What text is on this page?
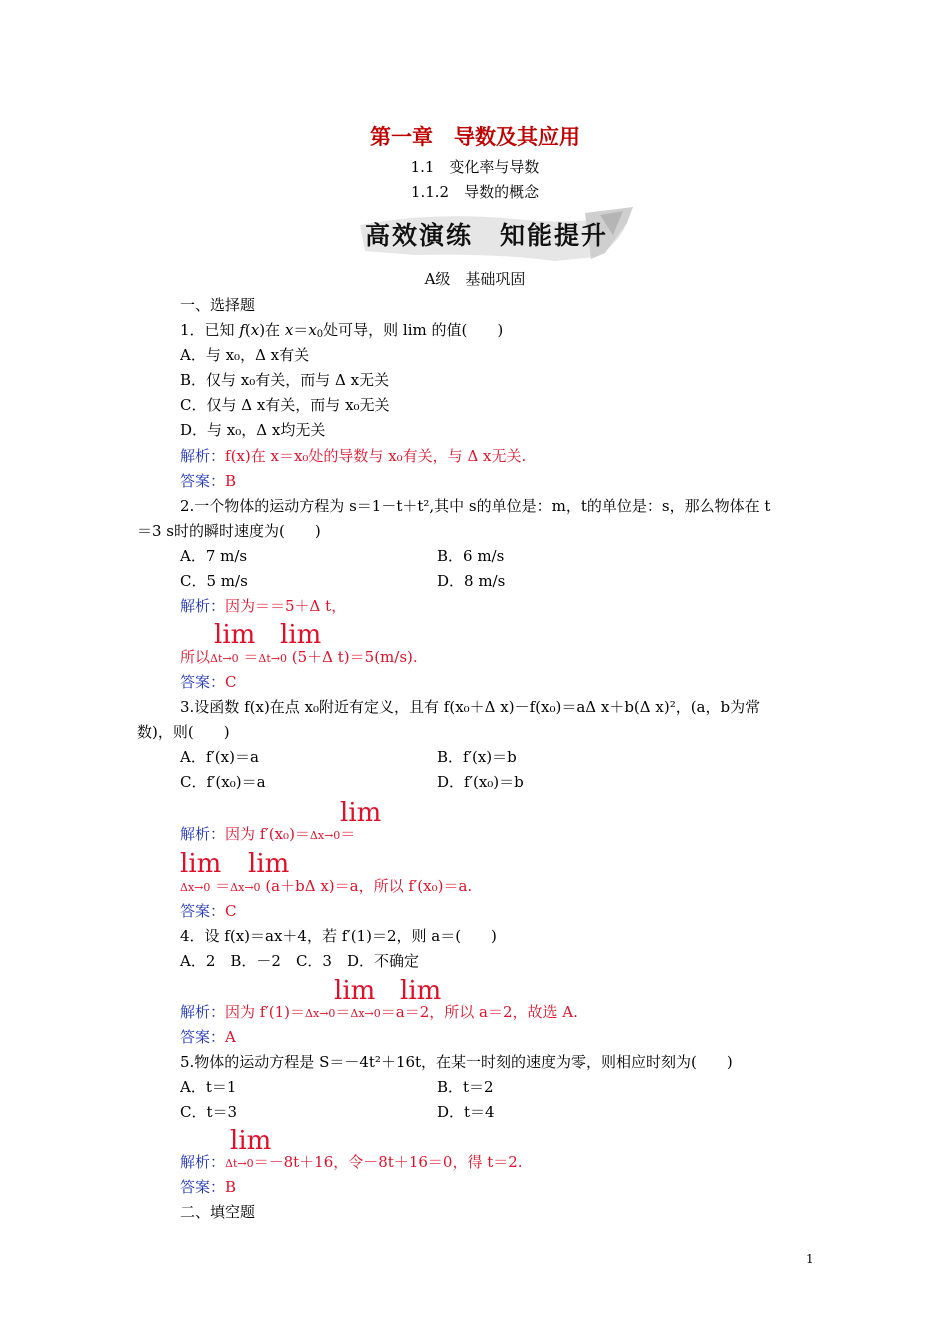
第一章　导数及其应用
1.1　变化率与导数
1.1.2　导数的概念
高效演练　知能提升
A级　基础巩固
一、选择题
1．已知 f(x)在 $x=x_0$处可导，则 lim 的值(　　)
A．与 x₀，Δ x有关
B．仅与 x₀有关，而与 Δ x无关
C．仅与 Δ x有关，而与 x₀无关
D．与 x₀，Δ x均无关
解析：f(x)在 x＝x₀处的导数与 x₀有关，与 Δ x无关.
答案：B
2.一个物体的运动方程为 s＝1－t＋t²,其中 s的单位是：m，t的单位是：s，那么物体在 t
＝3 s时的瞬时速度为(　　)
A．7 m/s	B．6 m/s
C．5 m/s	D．8 m/s
解析：因为＝＝5＋Δ t，
lim lim
所以Δt→0 ＝Δt→0 (5＋Δ t)＝5(m/s).
答案：C
3.设函数 f(x)在点 x₀附近有定义，且有 f(x₀＋Δ x)－f(x₀)＝aΔ x＋b(Δ x)²，(a，b为常
数)，则(　　)
A．f′(x)＝a	B．f′(x)＝b
C．f′(x₀)＝a	D．f′(x₀)＝b
lim
解析：因为 f′(x₀)＝Δx→0＝
lim lim
Δx→0 ＝Δx→0 (a＋bΔ x)＝a，所以 f′(x₀)＝a.
答案：C
4．设 f(x)＝ax＋4，若 f′(1)＝2，则 a＝(　　)
A．2　B．－2　C．3　D．不确定
lim lim
解析：因为 f′(1)＝Δx→0＝Δx→0＝a＝2，所以 a＝2，故选 A.
答案：A
5.物体的运动方程是 S＝－4t²＋16t，在某一时刻的速度为零，则相应时刻为(　　)
A．t＝1	B．t＝2
C．t＝3	D．t＝4
lim
解析：Δt→0＝－8t＋16，令－8t＋16＝0，得 t＝2.
答案：B
二、填空题
1
